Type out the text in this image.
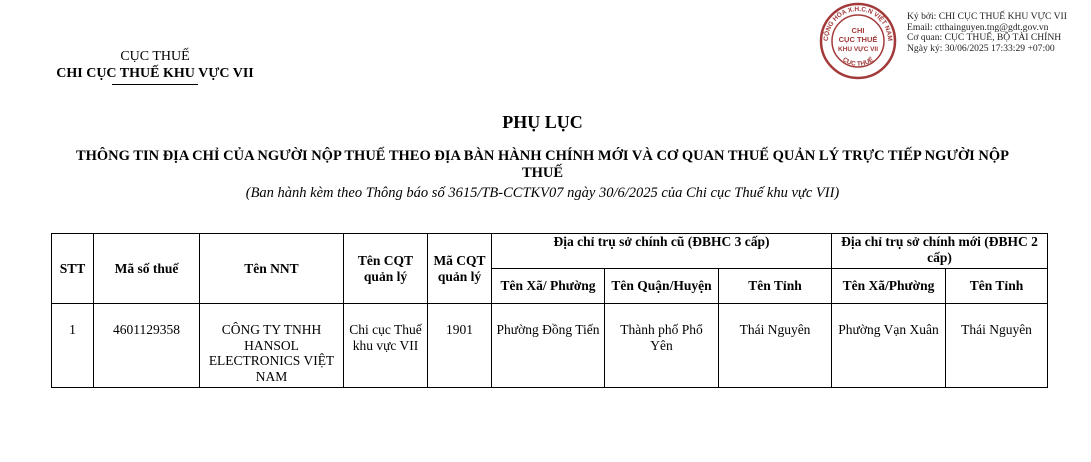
CỤC THUẾ
CHI CỤC THUẾ KHU VỰC VII
CỘNG HÒA X.H.C.N VIỆT NAM
CỤC THUẾ
CHI
CỤC THUẾ
KHU VỰC VII
Ký bởi: CHI CỤC THUẾ KHU VỰC VII
Email: ctthainguyen.tng@gdt.gov.vn
Cơ quan: CỤC THUẾ, BỘ TÀI CHÍNH
Ngày ký: 30/06/2025 17:33:29 +07:00
PHỤ LỤC
THÔNG TIN ĐỊA CHỈ CỦA NGƯỜI NỘP THUẾ THEO ĐỊA BÀN HÀNH CHÍNH MỚI VÀ CƠ QUAN THUẾ QUẢN LÝ TRỰC TIẾP NGƯỜI NỘP THUẾ
(Ban hành kèm theo Thông báo số 3615/TB-CCTKV07 ngày 30/6/2025 của Chi cục Thuế khu vực VII)
STT	Mã số thuế	Tên NNT	Tên CQT quản lý	Mã CQT quản lý	Địa chỉ trụ sở chính cũ (ĐBHC 3 cấp)			Địa chỉ trụ sở chính mới (ĐBHC 2 cấp)	
					Tên Xã/ Phường	Tên Quận/Huyện	Tên Tỉnh	Tên Xã/Phường	Tên Tỉnh
1	4601129358	CÔNG TY TNHH HANSOL ELECTRONICS VIỆT NAM	Chi cục Thuế khu vực VII	1901	Phường Đồng Tiến	Thành phố Phổ Yên	Thái Nguyên	Phường Vạn Xuân	Thái Nguyên
